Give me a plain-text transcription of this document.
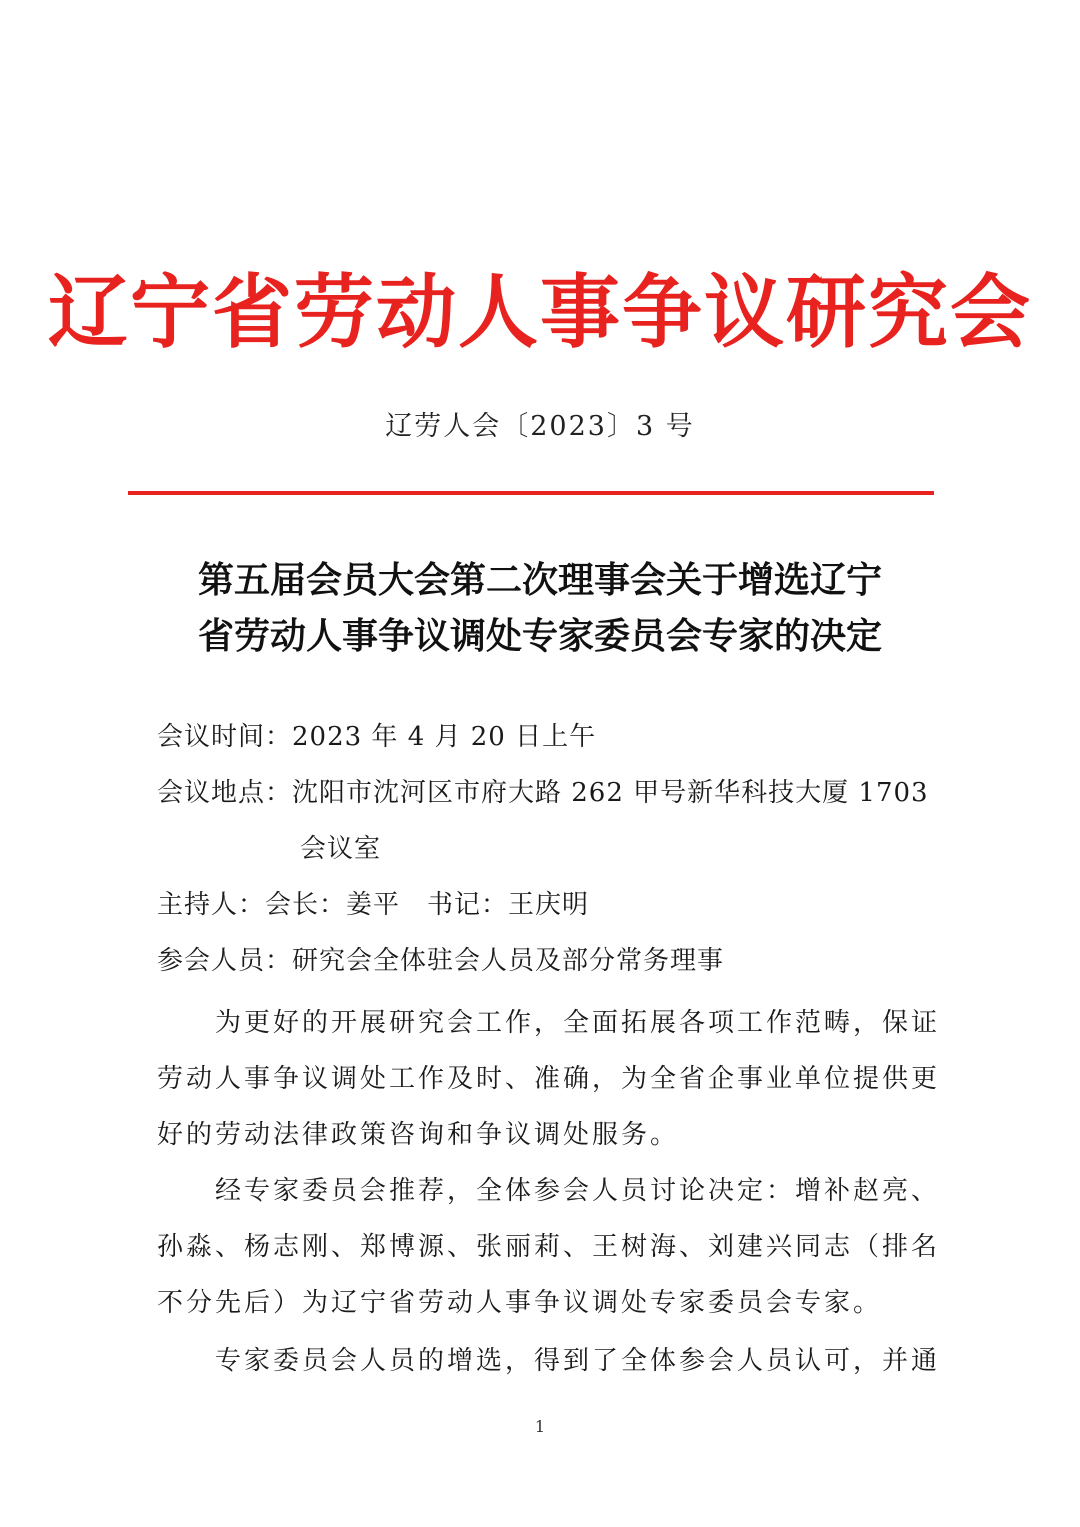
辽宁省劳动人事争议研究会
辽劳人会〔2023〕3 号
第五届会员大会第二次理事会关于增选辽宁
省劳动人事争议调处专家委员会专家的决定
会议时间：2023 年 4 月 20 日上午
会议地点：沈阳市沈河区市府大路 262 甲号新华科技大厦 1703
会议室
主持人：会长：姜平　书记：王庆明
参会人员：研究会全体驻会人员及部分常务理事
　　为更好的开展研究会工作，全面拓展各项工作范畴，保证
劳动人事争议调处工作及时、准确，为全省企事业单位提供更
好的劳动法律政策咨询和争议调处服务。
　　经专家委员会推荐，全体参会人员讨论决定：增补赵亮、
孙淼、杨志刚、郑博源、张丽莉、王树海、刘建兴同志（排名
不分先后）为辽宁省劳动人事争议调处专家委员会专家。
　　专家委员会人员的增选，得到了全体参会人员认可，并通
1
